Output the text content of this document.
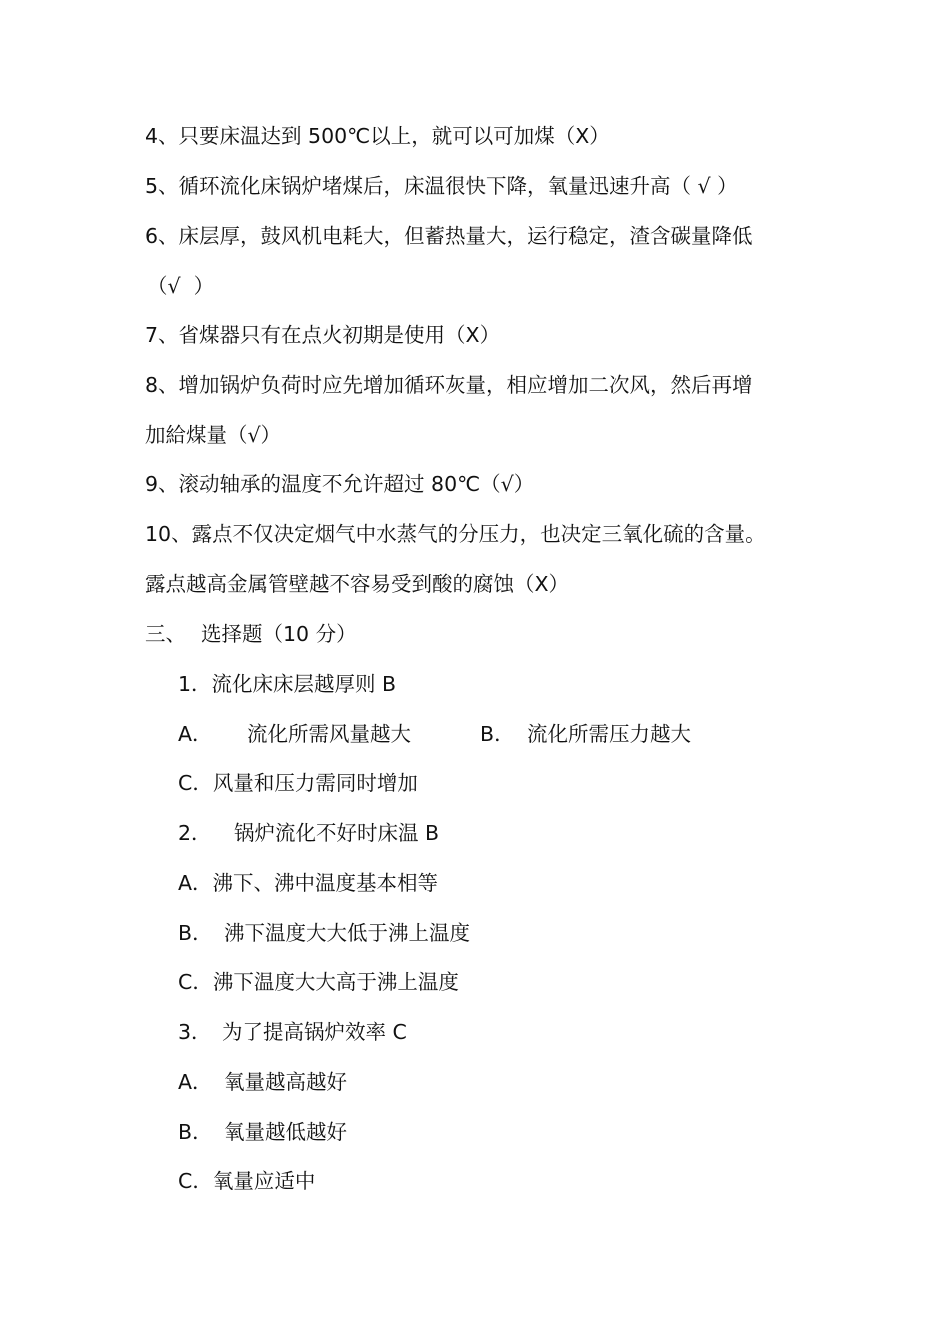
4、只要床温达到 500℃以上，就可以可加煤（X）
5、循环流化床锅炉堵煤后，床温很快下降，氧量迅速升高（ √ ）
6、床层厚，鼓风机电耗大，但蓄热量大，运行稳定，渣含碳量降低
（√  ）
7、省煤器只有在点火初期是使用（X）
8、增加锅炉负荷时应先增加循环灰量，相应增加二次风，然后再增
加給煤量（√）
9、滚动轴承的温度不允许超过 80℃（√）
10、露点不仅决定烟气中水蒸气的分压力，也决定三氧化硫的含量。
露点越高金属管壁越不容易受到酸的腐蚀（X）
三、 选择题（10 分）
1．流化床床层越厚则 B
A． 流化所需风量越大	B． 流化所需压力越大
C．风量和压力需同时增加
2． 锅炉流化不好时床温 B
A．沸下、沸中温度基本相等
B． 沸下温度大大低于沸上温度
C．沸下温度大大高于沸上温度
3． 为了提高锅炉效率 C
A． 氧量越高越好
B． 氧量越低越好
C．氧量应适中
